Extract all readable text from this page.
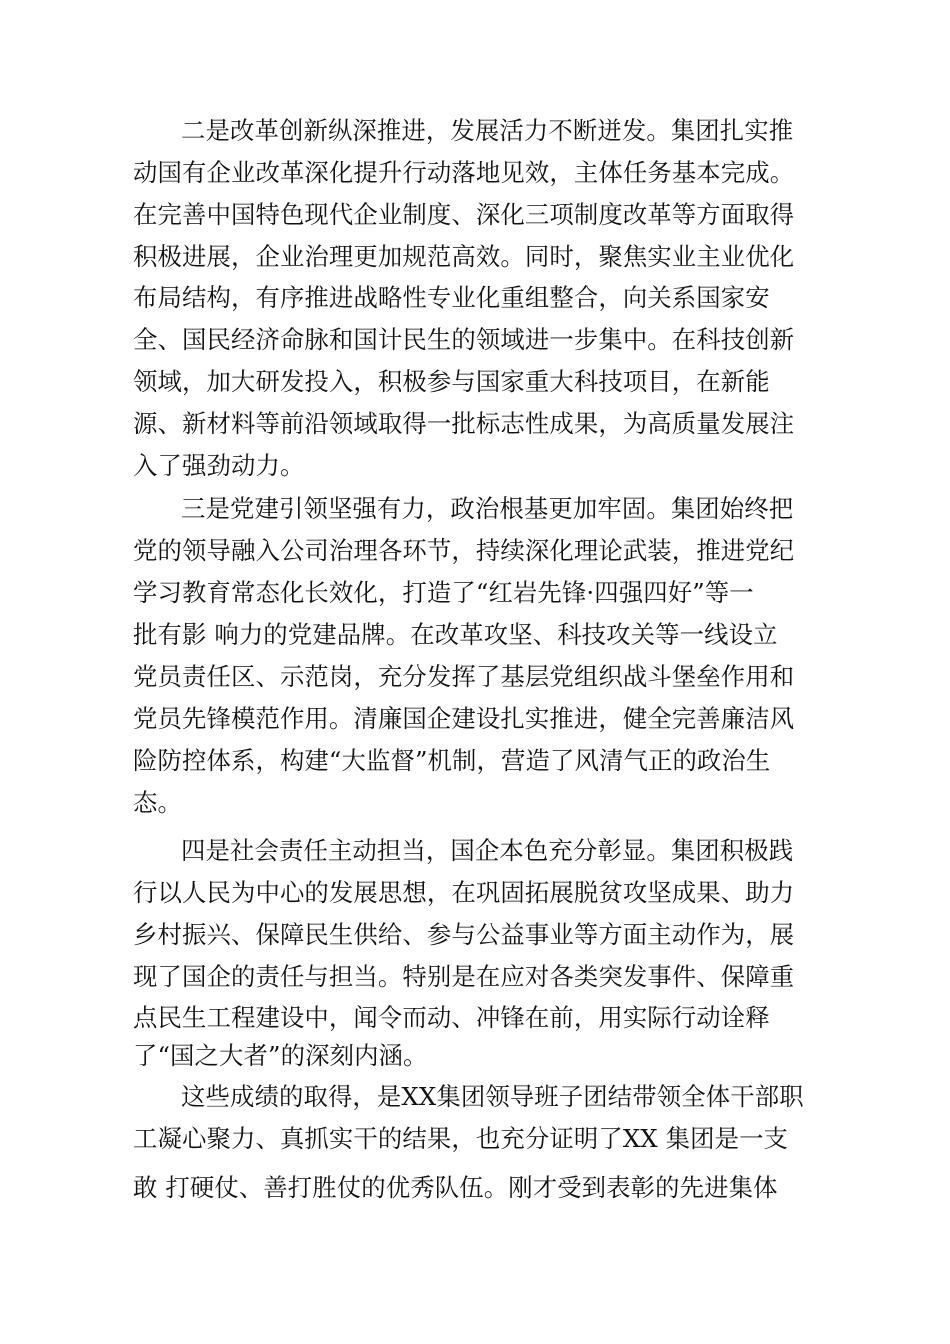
二是改革创新纵深推进，发展活力不断迸发。集团扎实推
动国有企业改革深化提升行动落地见效，主体任务基本完成。
在完善中国特色现代企业制度、深化三项制度改革等方面取得
积极进展，企业治理更加规范高效。同时，聚焦实业主业优化
布局结构，有序推进战略性专业化重组整合，向关系国家安
全、国民经济命脉和国计民生的领域进一步集中。在科技创新
领域，加大研发投入，积极参与国家重大科技项目，在新能
源、新材料等前沿领域取得一批标志性成果，为高质量发展注
入了强劲动力。
三是党建引领坚强有力，政治根基更加牢固。集团始终把
党的领导融入公司治理各环节，持续深化理论武装，推进党纪
学习教育常态化长效化，打造了“红岩先锋·四强四好”等一
批有影 响力的党建品牌。在改革攻坚、科技攻关等一线设立
党员责任区、示范岗，充分发挥了基层党组织战斗堡垒作用和
党员先锋模范作用。清廉国企建设扎实推进，健全完善廉洁风
险防控体系，构建“大监督”机制，营造了风清气正的政治生
态。
四是社会责任主动担当，国企本色充分彰显。集团积极践
行以人民为中心的发展思想，在巩固拓展脱贫攻坚成果、助力
乡村振兴、保障民生供给、参与公益事业等方面主动作为，展
现了国企的责任与担当。特别是在应对各类突发事件、保障重
点民生工程建设中，闻令而动、冲锋在前，用实际行动诠释
了“国之大者”的深刻内涵。
这些成绩的取得，是XX集团领导班子团结带领全体干部职
工凝心聚力、真抓实干的结果，也充分证明了XX 集团是一支
敢 打硬仗、善打胜仗的优秀队伍。刚才受到表彰的先进集体
